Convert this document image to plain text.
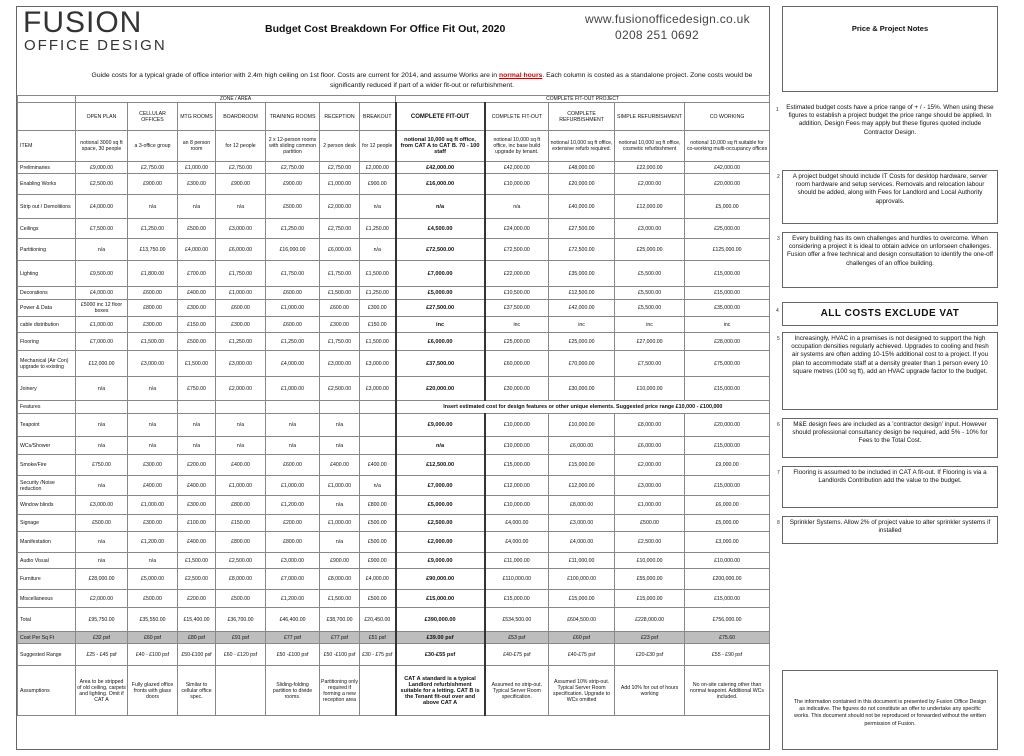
FUSION
OFFICE DESIGN
Budget Cost Breakdown For Office Fit Out, 2020
www.fusionofficedesign.co.uk
0208 251 0692
Guide costs for a typical grade of office interior with 2.4m high ceiling on 1st floor. Costs are current for 2014, and assume Works are in normal hours. Each column is costed as a standalone project. Zone costs would be significantly reduced if part of a wider fit-out or refurbishment.
	ZONE / AREA							COMPLETE FIT-OUT PROJECT				
	OPEN PLAN	CELLULAR OFFICES	MTG ROOMS	BOARDROOM	TRAINING ROOMS	RECEPTION	BREAKOUT	COMPLETE FIT-OUT	COMPLETE FIT-OUT	COMPLETE REFURBISHMENT	SIMPLE REFURBISHMENT	CO WORKING
ITEM	notional 3000 sq ft space, 30 people	a 3-office group	an 8 person room	for 12 people	2 x 12-person rooms with sliding common partition	2 person desk	for 12 people	notional 10,000 sq ft office, from CAT A to CAT B. 70 - 100 staff	notional 10,000 sq ft office, inc base build upgrade by tenant.	notional 10,000 sq ft office, extensive refurb required.	notional 10,000 sq ft office, cosmetic refurbishment	notional 10,000 sq ft suitable for co-working multi-occupancy offices
Preliminaries	£9,000.00	£2,750.00	£1,000.00	£2,750.00	£2,750.00	£2,750.00	£2,000.00	£42,000.00	£42,000.00	£48,000.00	£22,000.00	£42,000.00
Enabling Works	£2,500.00	£900.00	£300.00	£900.00	£900.00	£1,000.00	£900.00	£16,000.00	£10,000.00	£20,000.00	£2,000.00	£20,000.00
Strip out / Demolitions	£4,000.00	n/a	n/a	n/a	£500.00	£2,000.00	n/a	n/a	n/a	£40,000.00	£12,000.00	£5,000.00
Ceilings	£7,500.00	£1,250.00	£500.00	£3,000.00	£1,250.00	£2,750.00	£1,250.00	£4,500.00	£24,000.00	£27,500.00	£3,000.00	£25,000.00
Partitioning	n/a	£13,750.00	£4,000.00	£6,000.00	£16,000.00	£6,000.00	n/a	£72,500.00	£72,500.00	£72,500.00	£25,000.00	£125,000.00
Lighting	£9,500.00	£1,800.00	£700.00	£1,750.00	£1,750.00	£1,750.00	£1,500.00	£7,000.00	£22,000.00	£35,000.00	£5,500.00	£15,000.00
Decorations	£4,000.00	£600.00	£400.00	£1,000.00	£600.00	£1,500.00	£1,250.00	£5,000.00	£10,500.00	£12,500.00	£5,500.00	£15,000.00
Power & Data	£5000 inc 12 floor boxes	£800.00	£300.00	£600.00	£1,000.00	£600.00	£300.00	£27,500.00	£37,500.00	£42,000.00	£5,500.00	£35,000.00
cable distribution	£1,000.00	£300.00	£150.00	£300.00	£600.00	£300.00	£150.00	inc	inc	inc	inc	inc
Flooring	£7,000.00	£1,500.00	£500.00	£1,250.00	£1,250.00	£1,750.00	£1,500.00	£6,000.00	£25,000.00	£25,000.00	£27,000.00	£28,000.00
Mechanical (Air Con) upgrade to existing	£12,000.00	£3,000.00	£1,500.00	£3,000.00	£4,000.00	£3,000.00	£3,000.00	£37,500.00	£60,000.00	£70,000.00	£7,500.00	£75,000.00
Joinery	n/a	n/a	£750.00	£2,000.00	£1,000.00	£2,500.00	£3,000.00	£20,000.00	£30,000.00	£30,000.00	£10,000.00	£15,000.00
Features								Insert estimated cost for design features or other unique elements. Suggested price range £10,000 - £100,000				
Teapoint	n/a	n/a	n/a	n/a	n/a	n/a		£9,000.00	£10,000.00	£10,000.00	£8,000.00	£20,000.00
WCs/Shower	n/a	n/a	n/a	n/a	n/a	n/a		n/a	£10,000.00	£6,000.00	£6,000.00	£15,000.00
Smoke/Fire	£750.00	£300.00	£200.00	£400.00	£600.00	£400.00	£400.00	£12,500.00	£15,000.00	£15,000.00	£2,000.00	£9,000.00
Security /Noise reduction	n/a	£400.00	£400.00	£1,000.00	£1,000.00	£1,000.00	n/a	£7,000.00	£12,000.00	£12,000.00	£3,000.00	£15,000.00
Window blinds	£3,000.00	£1,000.00	£300.00	£800.00	£1,200.00	n/a	£800.00	£5,000.00	£10,000.00	£8,000.00	£1,000.00	£6,000.00
Signage	£500.00	£300.00	£100.00	£150.00	£200.00	£1,000.00	£500.00	£2,500.00	£4,000.00	£3,000.00	£500.00	£5,000.00
Manifestation	n/a	£1,200.00	£400.00	£800.00	£800.00	n/a	£500.00	£2,000.00	£4,000.00	£4,000.00	£2,500.00	£3,000.00
Audio Visual	n/a	n/a	£1,500.00	£2,500.00	£3,000.00	£900.00	£900.00	£9,000.00	£11,000.00	£11,000.00	£10,000.00	£10,000.00
Furniture	£28,000.00	£5,000.00	£2,500.00	£8,000.00	£7,000.00	£8,000.00	£4,000.00	£90,000.00	£110,000.00	£100,000.00	£55,000.00	£200,000.00
Miscellaneous	£2,000.00	£500.00	£200.00	£500.00	£1,200.00	£1,500.00	£500.00	£15,000.00	£15,000.00	£15,000.00	£15,000.00	£15,000.00
Total	£95,750.00	£35,550.00	£15,400.00	£36,700.00	£46,400.00	£38,700.00	£20,450.00	£390,000.00	£534,500.00	£604,500.00	£228,000.00	£756,000.00
Cost Per Sq Ft	£32 psf	£60 psf	£80 psf	£91 psf	£77 psf	£77 psf	£51 psf	£39.00 psf	£53 psf	£60 psf	£23 psf	£75.60
Suggested Range	£25 - £45 psf	£40 - £100 psf	£50-£100 psf	£60 - £120 psf	£50 -£100 psf	£50 -£100 psf	£30 - £75 psf	£30-£55 psf	£40-£75 psf	£40-£75 psf	£20-£30 psf	£55 - £90 psf
Assumptions	Area to be stripped of old ceiling, carpets and lighting. Omit if CAT A	Fully glazed office fronts with glass doors	Similar to cellular office spec.		Sliding-folding partition to divide rooms.	Partitioning only required if forming a new reception area		CAT A standard is a typical Landlord refurbishment suitable for a letting. CAT B is the Tenant fit-out over and above CAT A	Assumed no strip-out. Typical Server Room specification.	Assumed 10% strip-out. Typical Server Room specification. Upgrade to WCs omitted	Add 10% for out of hours working	No on-site catering other than normal teapoint. Additional WCs included.
Price & Project Notes
1 Estimated budget costs have a price range of + / - 15%. When using these figures to establish a project budget the price range should be applied. In addition, Design Fees may apply but these figures quoted include Contractor Design.
2 A project budget should include IT Costs for desktop hardware, server room hardware and setup services. Removals and relocation labour should be added, along with Fees for Landlord and Local Authority approvals.
3 Every building has its own challenges and hurdles to overcome. When considering a project it is ideal to obtain advice on unforseen challenges. Fusion offer a free technical and design consultation to identify the one-off challenges of an office building.
4	ALL COSTS EXCLUDE VAT
5 Increasingly, HVAC in a premises is not designed to support the high occupation densities regularly achieved. Upgrades to cooling and fresh air systems are often adding 10-15% additional cost to a project. If you plan to accommodate staff at a density greater than 1 person every 10 square metres (100 sq ft), add an HVAC upgrade factor to the budget.
6 M&E design fees are included as a 'contractor design' input. However should professional consultancy design be required, add 5% - 10% for Fees to the Total Cost.
7 Flooring is assumed to be included in CAT A fit-out. If Flooring is via a Landlords Contribution add the value to the budget.
8 Sprinkler Systems. Allow 2% of project value to alter sprinkler systems if installed
The information contained in this document is presented by Fusion Office Design as indicative. The figures do not constitute an offer to undertake any specific works. This document should not be reproduced or forwarded without the written permission of Fusion.
